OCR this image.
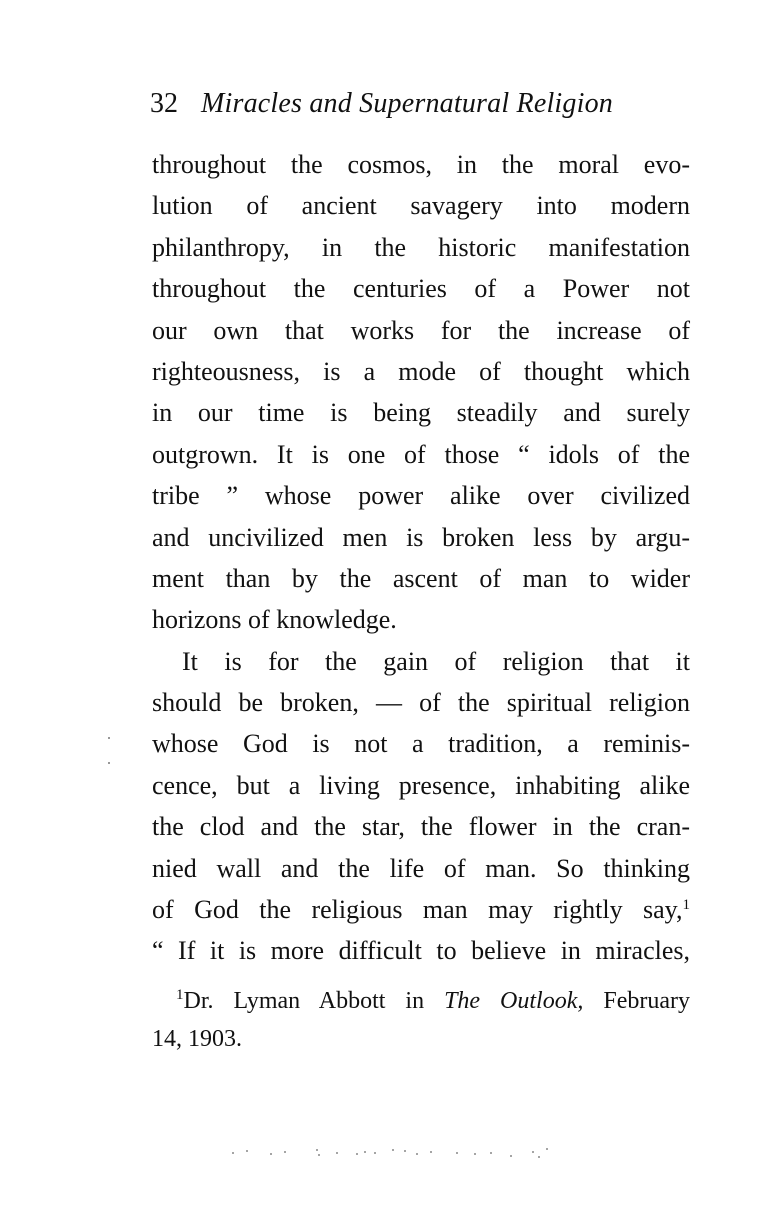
32 Miracles and Supernatural Religion
throughout the cosmos, in the moral evo-
lution of ancient savagery into modern
philanthropy, in the historic manifestation
throughout the centuries of a Power not
our own that works for the increase of
righteousness, is a mode of thought which
in our time is being steadily and surely
outgrown. It is one of those “ idols of the
tribe ” whose power alike over civilized
and uncivilized men is broken less by argu-
ment than by the ascent of man to wider
horizons of knowledge.
It is for the gain of religion that it
should be broken, — of the spiritual religion
whose God is not a tradition, a reminis-
cence, but a living presence, inhabiting alike
the clod and the star, the flower in the cran-
nied wall and the life of man. So thinking
of God the religious man may rightly say,$^1$
“ If it is more difficult to believe in miracles,
$^1$Dr. Lyman Abbott in The Outlook, February
14, 1903.
